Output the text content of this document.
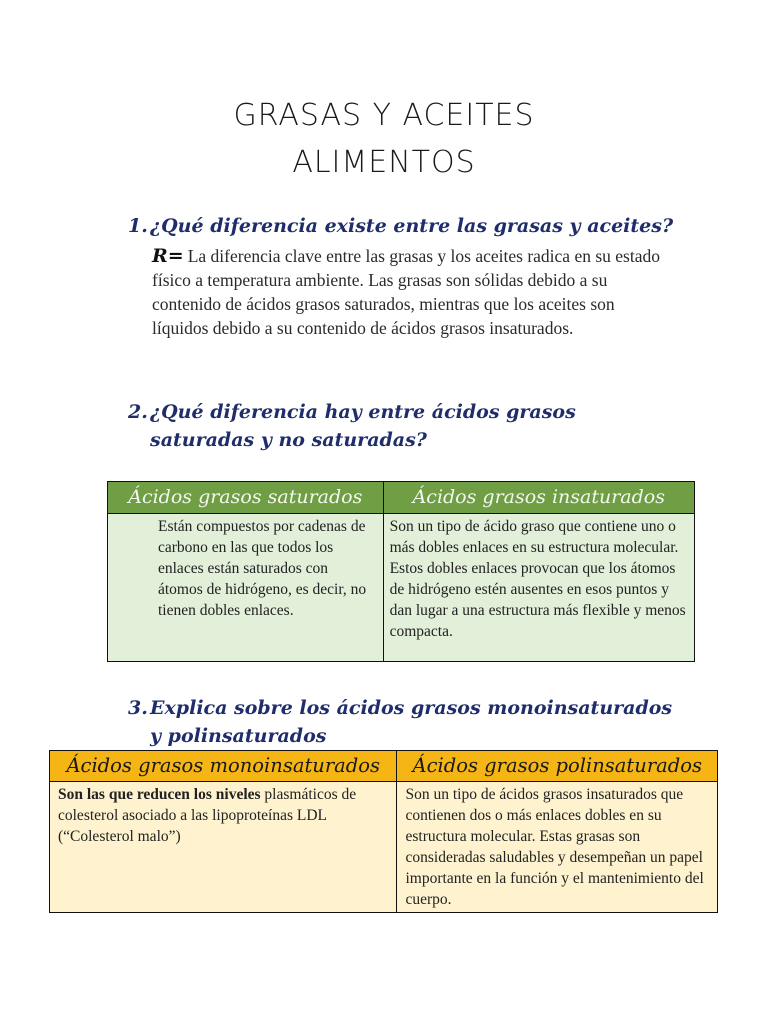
GRASAS Y ACEITES
ALIMENTOS
1. ¿Qué diferencia existe entre las grasas y aceites?
R= La diferencia clave entre las grasas y los aceites radica en su estado físico a temperatura ambiente. Las grasas son sólidas debido a su contenido de ácidos grasos saturados, mientras que los aceites son líquidos debido a su contenido de ácidos grasos insaturados.
2. ¿Qué diferencia hay entre ácidos grasos
saturadas y no saturadas?
Ácidos grasos saturados	Ácidos grasos insaturados
Están compuestos por cadenas de carbono en las que todos los enlaces están saturados con átomos de hidrógeno, es decir, no tienen dobles enlaces.	Son un tipo de ácido graso que contiene uno o más dobles enlaces en su estructura molecular. Estos dobles enlaces provocan que los átomos de hidrógeno estén ausentes en esos puntos y dan lugar a una estructura más flexible y menos compacta.
3. Explica sobre los ácidos grasos monoinsaturados
y polinsaturados
Ácidos grasos monoinsaturados	Ácidos grasos polinsaturados
Son las que reducen los niveles plasmáticos de colesterol asociado a las lipoproteínas LDL (“Colesterol malo”)	Son un tipo de ácidos grasos insaturados que contienen dos o más enlaces dobles en su estructura molecular. Estas grasas son consideradas saludables y desempeñan un papel importante en la función y el mantenimiento del cuerpo.
